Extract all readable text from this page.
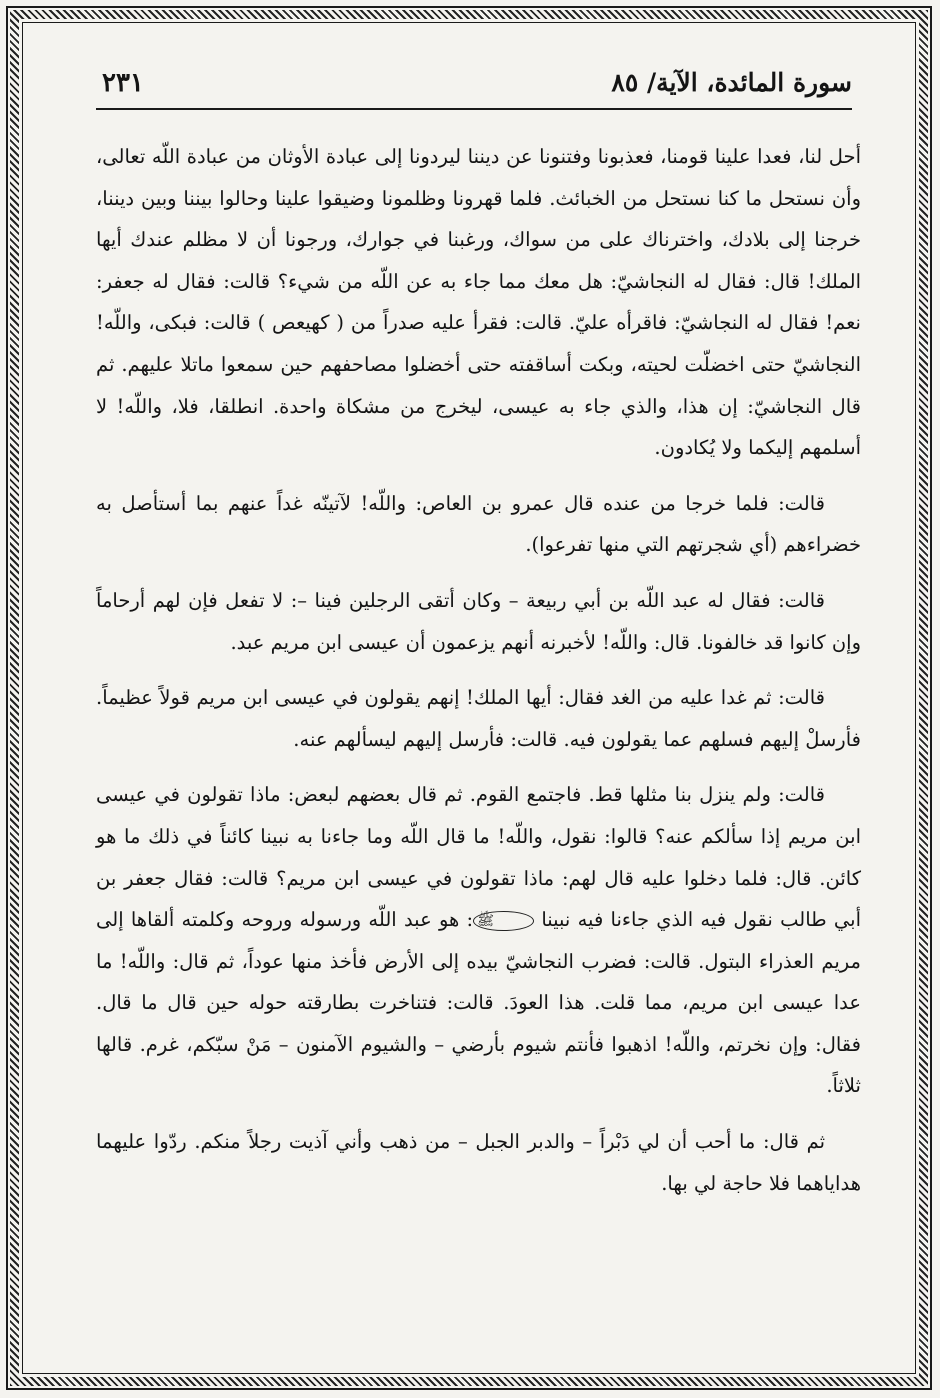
٢٣١	سورة المائدة، الآية/ ٨٥

أحل لنا، فعدا علينا قومنا، فعذبونا وفتنونا عن ديننا ليردونا إلى عبادة الأوثان من عبادة اللّه تعالى، وأن نستحل ما كنا نستحل من الخبائث. فلما قهرونا وظلمونا وضيقوا علينا وحالوا بيننا وبين ديننا، خرجنا إلى بلادك، واخترناك على من سواك، ورغبنا في جوارك، ورجونا أن لا مظلم عندك أيها الملك! قال: فقال له النجاشيّ: هل معك مما جاء به عن اللّه من شيء؟ قالت: فقال له جعفر: نعم! فقال له النجاشيّ: فاقرأه عليّ. قالت: فقرأ عليه صدراً من ( كهيعص ) قالت: فبكى، واللّه! النجاشيّ حتى اخضلّت لحيته، وبكت أساقفته حتى أخضلوا مصاحفهم حين سمعوا ماتلا عليهم. ثم قال النجاشيّ: إن هذا، والذي جاء به عيسى، ليخرج من مشكاة واحدة. انطلقا، فلا، واللّه! لا أسلمهم إليكما ولا يُكادون.

قالت: فلما خرجا من عنده قال عمرو بن العاص: واللّه! لآتينّه غداً عنهم بما أستأصل به خضراءهم (أي شجرتهم التي منها تفرعوا).

قالت: فقال له عبد اللّه بن أبي ربيعة – وكان أتقى الرجلين فينا –: لا تفعل فإن لهم أرحاماً وإن كانوا قد خالفونا. قال: واللّه! لأخبرنه أنهم يزعمون أن عيسى ابن مريم عبد.

قالت: ثم غدا عليه من الغد فقال: أيها الملك! إنهم يقولون في عيسى ابن مريم قولاً عظيماً. فأرسلْ إليهم فسلهم عما يقولون فيه. قالت: فأرسل إليهم ليسألهم عنه.

قالت: ولم ينزل بنا مثلها قط. فاجتمع القوم. ثم قال بعضهم لبعض: ماذا تقولون في عيسى ابن مريم إذا سألكم عنه؟ قالوا: نقول، واللّه! ما قال اللّه وما جاءنا به نبينا كائناً في ذلك ما هو كائن. قال: فلما دخلوا عليه قال لهم: ماذا تقولون في عيسى ابن مريم؟ قالت: فقال جعفر بن أبي طالب نقول فيه الذي جاءنا فيه نبينا ﷺ: هو عبد اللّه ورسوله وروحه وكلمته ألقاها إلى مريم العذراء البتول. قالت: فضرب النجاشيّ بيده إلى الأرض فأخذ منها عوداً، ثم قال: واللّه! ما عدا عيسى ابن مريم، مما قلت. هذا العودَ. قالت: فتناخرت بطارقته حوله حين قال ما قال. فقال: وإن نخرتم، واللّه! اذهبوا فأنتم شيوم بأرضي – والشيوم الآمنون – مَنْ سبّكم، غرم. قالها ثلاثاً.

ثم قال: ما أحب أن لي دَبْراً – والدبر الجبل – من ذهب وأني آذيت رجلاً منكم. ردّوا عليهما هداياهما فلا حاجة لي بها.
